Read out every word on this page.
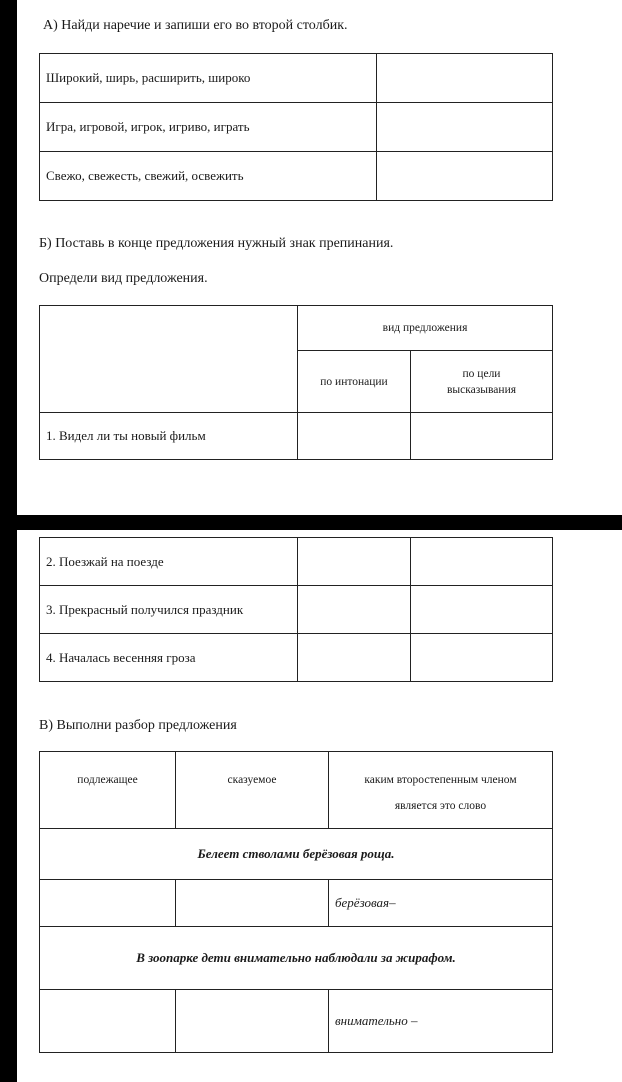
А) Найди наречие и запиши его во второй столбик.
Широкий, ширь, расширить, широко	
Игра, игровой, игрок, игриво, играть	
Свежо, свежесть, свежий, освежить	
Б) Поставь в конце предложения нужный знак препинания.
Определи вид предложения.
	вид предложения	
	по интонации	по цели
высказывания

1. Видел ли ты новый фильм		
2. Поезжай на поезде		
3. Прекрасный получился праздник		
4. Началась весенняя гроза		
В) Выполни разбор предложения
подлежащее	сказуемое	каким второстепенным членом
является это слово

Белеет стволами берёзовая роща.		
		берёзовая–
В зоопарке дети внимательно наблюдали за жирафом.		
		внимательно –
